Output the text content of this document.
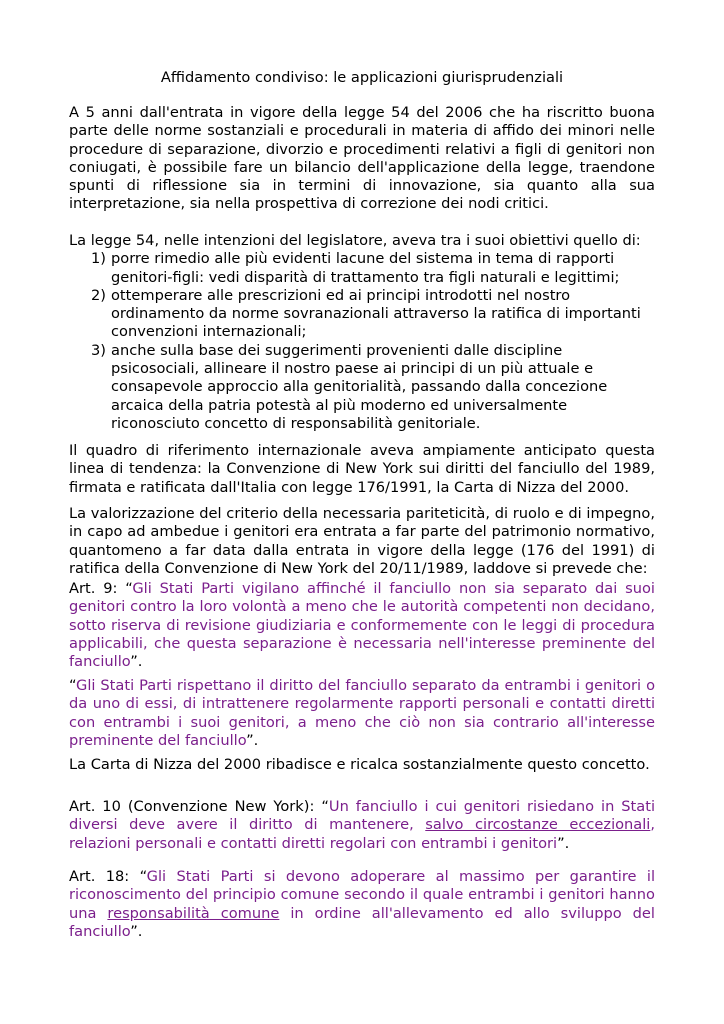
Affidamento condiviso: le applicazioni giurisprudenziali

A 5 anni dall'entrata in vigore della legge 54 del 2006 che ha riscritto buona parte delle norme sostanziali e procedurali in materia di affido dei minori nelle procedure di separazione, divorzio e procedimenti relativi a figli di genitori non coniugati, è possibile fare un bilancio dell'applicazione della legge, traendone spunti di riflessione sia in termini di innovazione, sia quanto alla sua interpretazione, sia nella prospettiva di correzione dei nodi critici.

La legge 54, nelle intenzioni del legislatore, aveva tra i suoi obiettivi quello di:

1) porre rimedio alle più evidenti lacune del sistema in tema di rapporti genitori-figli: vedi disparità di trattamento tra figli naturali e legittimi;
2) ottemperare alle prescrizioni ed ai principi introdotti nel nostro ordinamento da norme sovranazionali attraverso la ratifica di importanti convenzioni internazionali;
3) anche sulla base dei suggerimenti provenienti dalle discipline psicosociali, allineare il nostro paese ai principi di un più attuale e consapevole approccio alla genitorialità, passando dalla concezione arcaica della patria potestà al più moderno ed universalmente riconosciuto concetto di responsabilità genitoriale.

Il quadro di riferimento internazionale aveva ampiamente anticipato questa linea di tendenza: la Convenzione di New York sui diritti del fanciullo del 1989, firmata e ratificata dall'Italia con legge 176/1991, la Carta di Nizza del 2000.

La valorizzazione del criterio della necessaria pariteticità, di ruolo e di impegno, in capo ad ambedue i genitori era entrata a far parte del patrimonio normativo, quantomeno a far data dalla entrata in vigore della legge (176 del 1991) di ratifica della Convenzione di New York del 20/11/1989, laddove si prevede che:

Art. 9: “Gli Stati Parti vigilano affinché il fanciullo non sia separato dai suoi genitori contro la loro volontà a meno che le autorità competenti non decidano, sotto riserva di revisione giudiziaria e conformemente con le leggi di procedura applicabili, che questa separazione è necessaria nell'interesse preminente del fanciullo”.

“Gli Stati Parti rispettano il diritto del fanciullo separato da entrambi i genitori o da uno di essi, di intrattenere regolarmente rapporti personali e contatti diretti con entrambi i suoi genitori, a meno che ciò non sia contrario all'interesse preminente del fanciullo”.

La Carta di Nizza del 2000 ribadisce e ricalca sostanzialmente questo concetto.

Art. 10 (Convenzione New York): “Un fanciullo i cui genitori risiedano in Stati diversi deve avere il diritto di mantenere, salvo circostanze eccezionali, relazioni personali e contatti diretti regolari con entrambi i genitori”.

Art. 18: “Gli Stati Parti si devono adoperare al massimo per garantire il riconoscimento del principio comune secondo il quale entrambi i genitori hanno una responsabilità comune in ordine all'allevamento ed allo sviluppo del fanciullo”.
